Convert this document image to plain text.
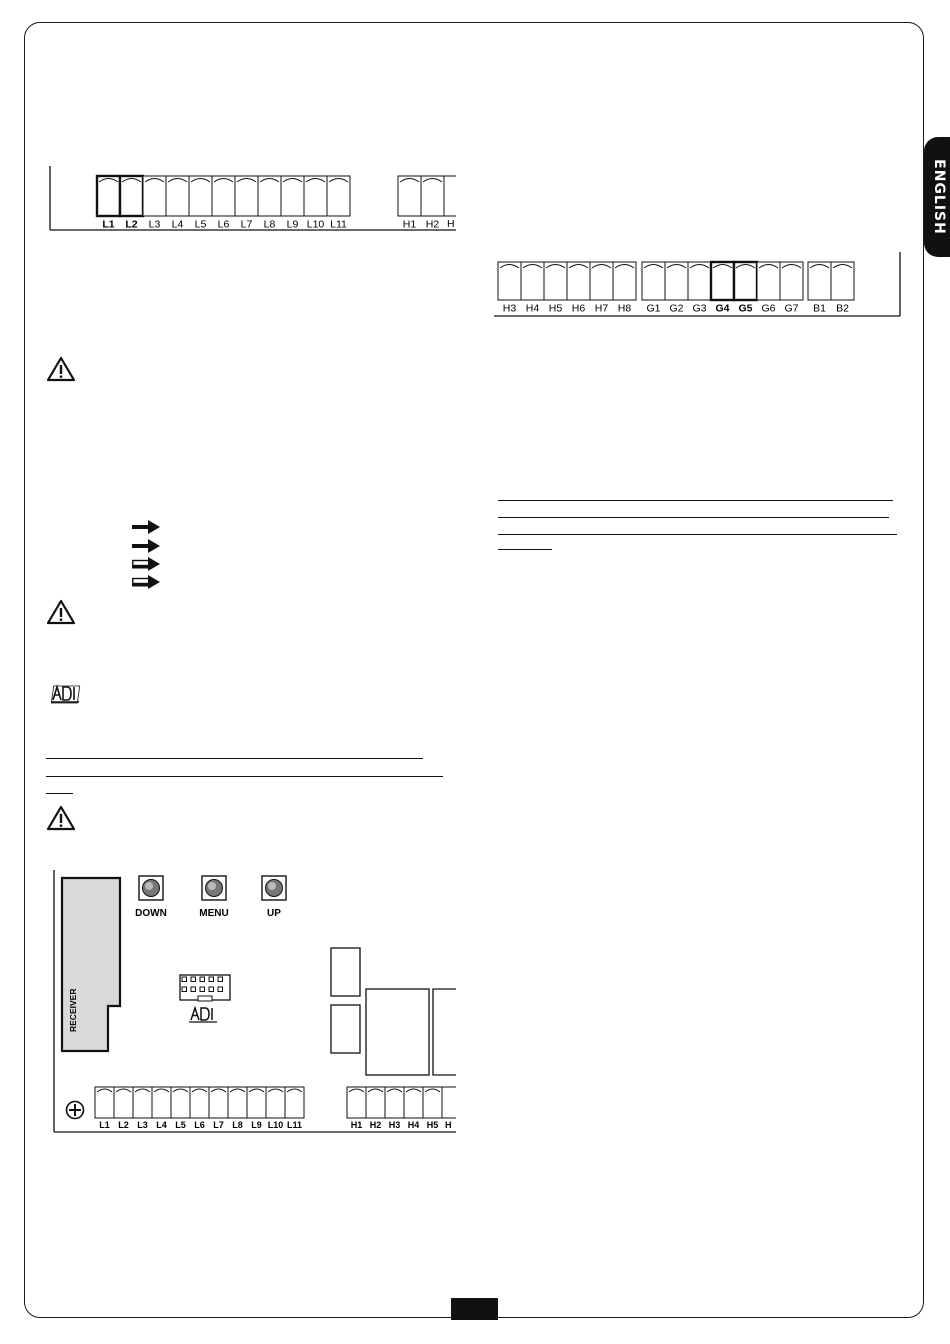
ENGLISH
L1 L2 L3 L4 L5 L6 L7 L8 L9 L10 L11	H1 H2 H
H3 H4 H5 H6 H7 H8 G1 G2 G3 G4 G5 G6 G7 B1 B2
RECEIVER
DOWN	MENU	UP
L1 L2 L3 L4 L5 L6 L7 L8 L9 L10 L11	H1 H2 H3 H4 H5 H
